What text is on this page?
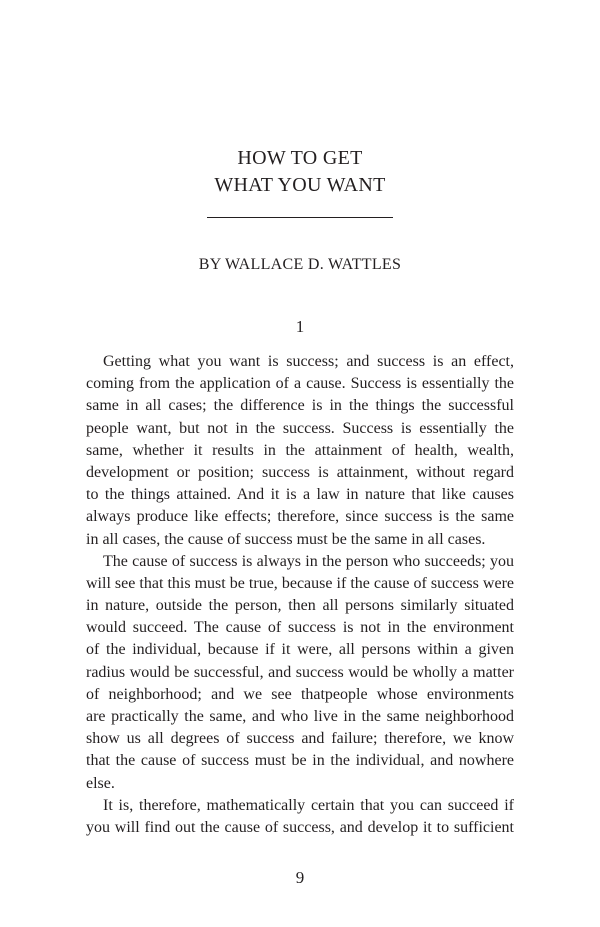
HOW TO GET
WHAT YOU WANT
BY WALLACE D. WATTLES
1
Getting what you want is success; and success is an effect,
coming from the application of a cause. Success is essentially the
same in all cases; the difference is in the things the successful
people want, but not in the success. Success is essentially the
same, whether it results in the attainment of health, wealth,
development or position; success is attainment, without regard
to the things attained. And it is a law in nature that like causes
always produce like effects; therefore, since success is the same
in all cases, the cause of success must be the same in all cases.
The cause of success is always in the person who succeeds; you
will see that this must be true, because if the cause of success were
in nature, outside the person, then all persons similarly situated
would succeed. The cause of success is not in the environment
of the individual, because if it were, all persons within a given
radius would be successful, and success would be wholly a matter
of neighborhood; and we see thatpeople whose environments
are practically the same, and who live in the same neighborhood
show us all degrees of success and failure; therefore, we know
that the cause of success must be in the individual, and nowhere
else.
It is, therefore, mathematically certain that you can succeed if
you will find out the cause of success, and develop it to sufficient
9
